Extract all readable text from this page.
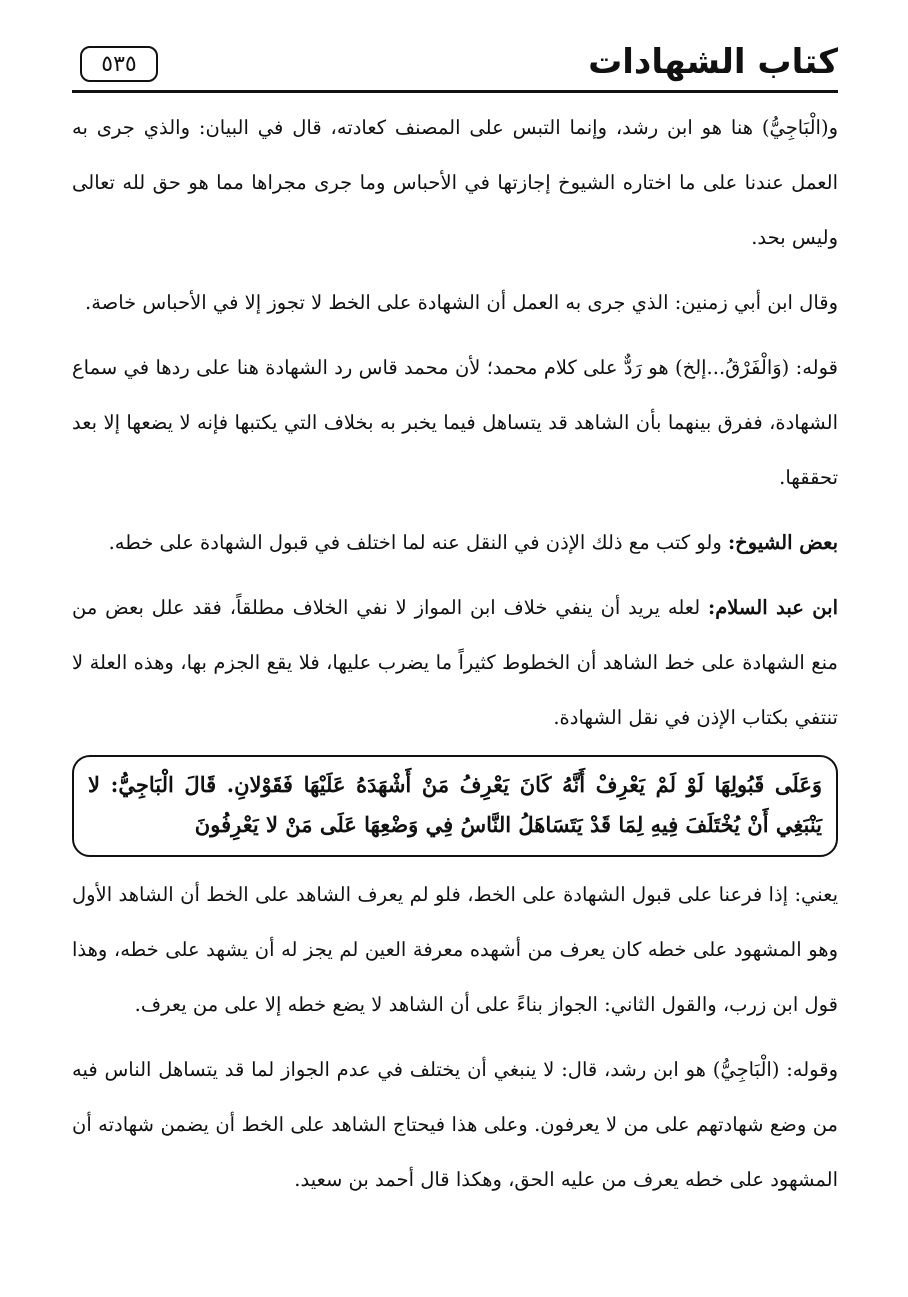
كتاب الشهادات
٥٣٥

و(الْبَاجِيُّ) هنا هو ابن رشد، وإنما التبس على المصنف كعادته، قال في البيان: والذي جرى به العمل عندنا على ما اختاره الشيوخ إجازتها في الأحباس وما جرى مجراها مما هو حق لله تعالى وليس بحد.

وقال ابن أبي زمنين: الذي جرى به العمل أن الشهادة على الخط لا تجوز إلا في الأحباس خاصة.

قوله: (وَالْفَرْقُ...إلخ) هو رَدٌّ على كلام محمد؛ لأن محمد قاس رد الشهادة هنا على ردها في سماع الشهادة، ففرق بينهما بأن الشاهد قد يتساهل فيما يخبر به بخلاف التي يكتبها فإنه لا يضعها إلا بعد تحققها.

بعض الشيوخ: ولو كتب مع ذلك الإذن في النقل عنه لما اختلف في قبول الشهادة على خطه.

ابن عبد السلام: لعله يريد أن ينفي خلاف ابن المواز لا نفي الخلاف مطلقاً، فقد علل بعض من منع الشهادة على خط الشاهد أن الخطوط كثيراً ما يضرب عليها، فلا يقع الجزم بها، وهذه العلة لا تنتفي بكتاب الإذن في نقل الشهادة.

وَعَلَى قَبُولِهَا لَوْ لَمْ يَعْرِفْ أَنَّهُ كَانَ يَعْرِفُ مَنْ أَشْهَدَهُ عَلَيْهَا فَقَوْلانِ. قَالَ الْبَاجِيُّ: لا يَنْبَغِي أَنْ يُخْتَلَفَ فِيهِ لِمَا قَدْ يَتَسَاهَلُ النَّاسُ فِي وَضْعِهَا عَلَى مَنْ لا يَعْرِفُونَ

يعني: إذا فرعنا على قبول الشهادة على الخط، فلو لم يعرف الشاهد على الخط أن الشاهد الأول وهو المشهود على خطه كان يعرف من أشهده معرفة العين لم يجز له أن يشهد على خطه، وهذا قول ابن زرب، والقول الثاني: الجواز بناءً على أن الشاهد لا يضع خطه إلا على من يعرف.

وقوله: (الْبَاجِيُّ) هو ابن رشد، قال: لا ينبغي أن يختلف في عدم الجواز لما قد يتساهل الناس فيه من وضع شهادتهم على من لا يعرفون. وعلى هذا فيحتاج الشاهد على الخط أن يضمن شهادته أن المشهود على خطه يعرف من عليه الحق، وهكذا قال أحمد بن سعيد.
